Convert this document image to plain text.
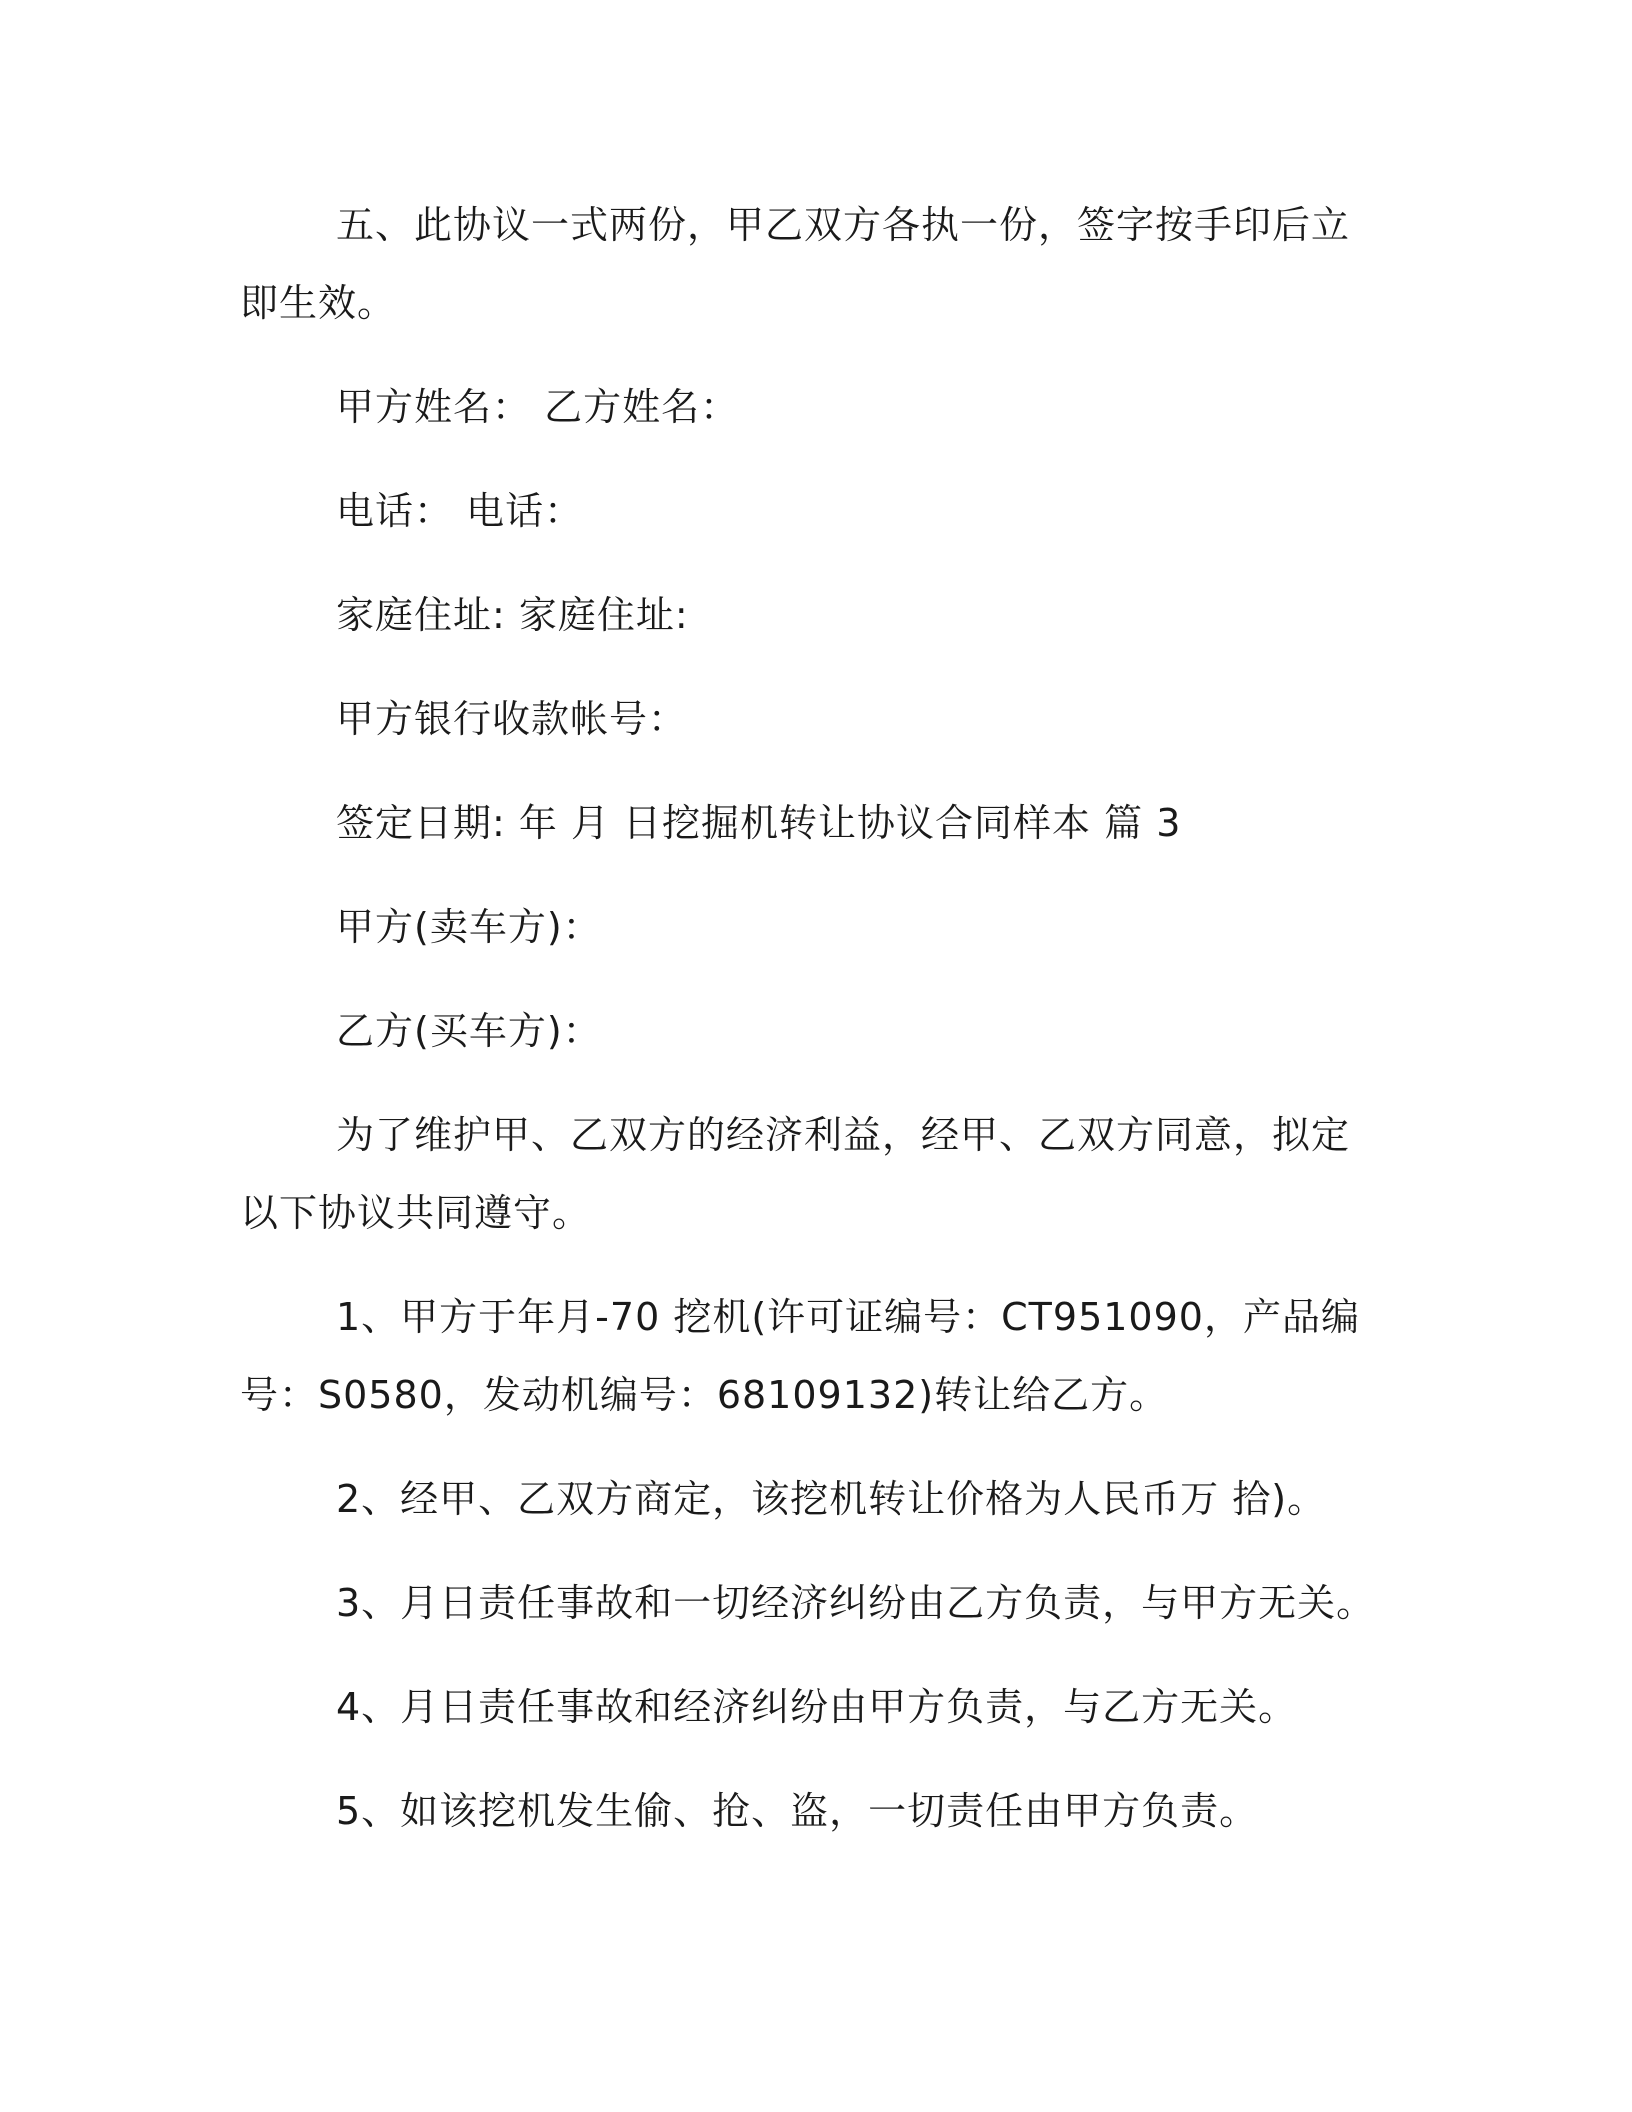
五、此协议一式两份，甲乙双方各执一份，签字按手印后立即生效。

甲方姓名： 乙方姓名：

电话： 电话：

家庭住址: 家庭住址:

甲方银行收款帐号：

签定日期: 年 月 日挖掘机转让协议合同样本 篇 3

甲方(卖车方)：

乙方(买车方)：

为了维护甲、乙双方的经济利益，经甲、乙双方同意，拟定以下协议共同遵守。

1、甲方于年月-70 挖机(许可证编号：CT951090，产品编号：S0580，发动机编号：68109132)转让给乙方。

2、经甲、乙双方商定，该挖机转让价格为人民币万 拾)。

3、月日责任事故和一切经济纠纷由乙方负责，与甲方无关。

4、月日责任事故和经济纠纷由甲方负责，与乙方无关。

5、如该挖机发生偷、抢、盗，一切责任由甲方负责。
